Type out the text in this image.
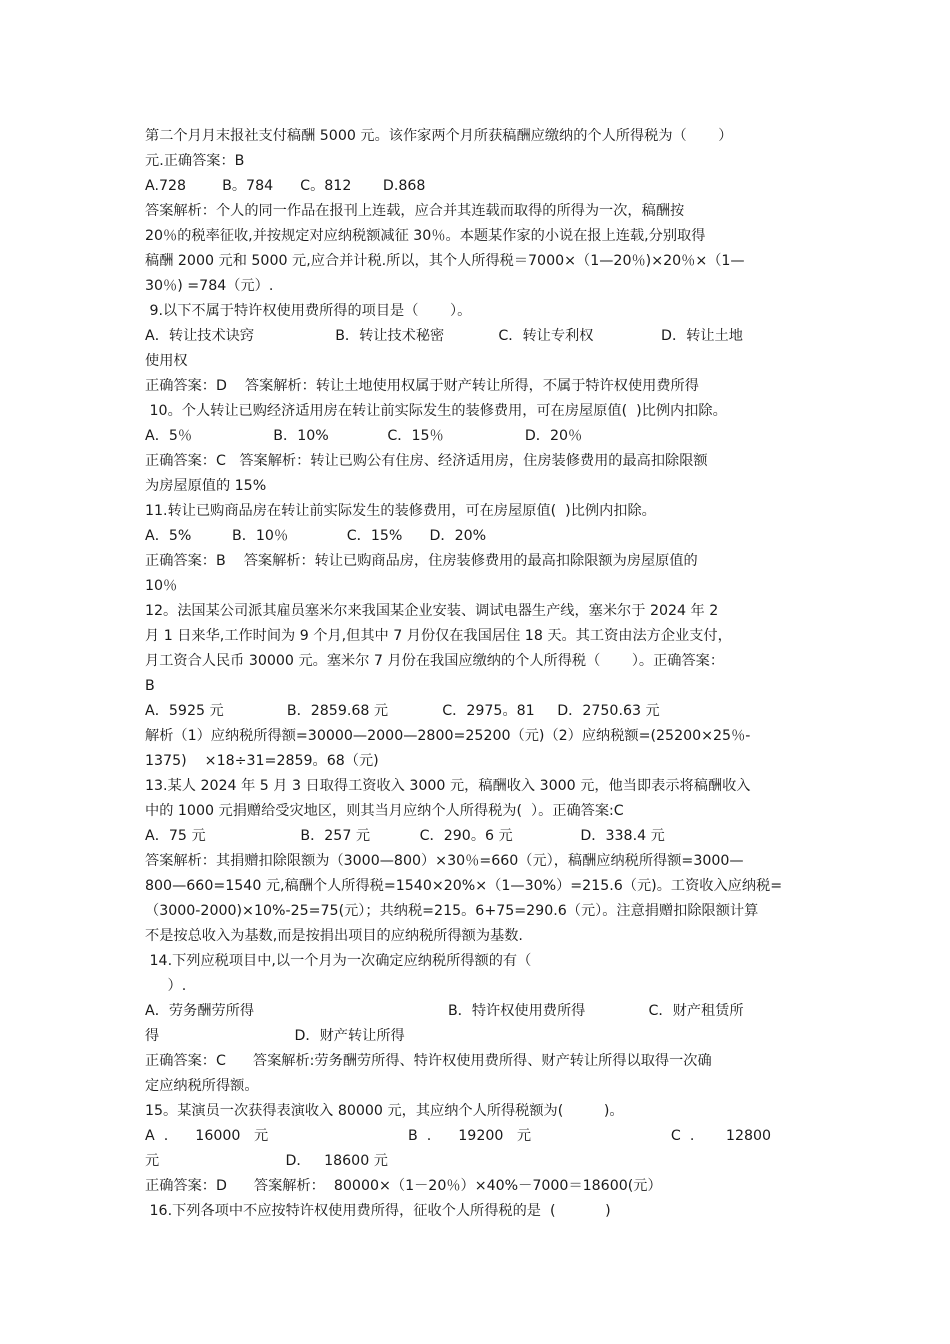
第二个月月末报社支付稿酬 5000 元。该作家两个月所获稿酬应缴纳的个人所得税为（       ）
元.正确答案：B
A.728        B。784      C。812       D.868
答案解析：个人的同一作品在报刊上连载，应合并其连载而取得的所得为一次，稿酬按
20％的税率征收,并按规定对应纳税额减征 30％。本题某作家的小说在报上连载,分别取得
稿酬 2000 元和 5000 元,应合并计税.所以，其个人所得税＝7000×（1—20％)×20％×（1—
30％) =784（元）.
9.以下不属于特许权使用费所得的项目是（       ）。
A．转让技术诀窍                  B．转让技术秘密            C．转让专利权               D．转让土地
使用权
正确答案：D    答案解析：转让土地使用权属于财产转让所得，不属于特许权使用费所得
10。个人转让已购经济适用房在转让前实际发生的装修费用，可在房屋原值(  )比例内扣除。
A．5％                  B．10%             C．15％                  D．20％
正确答案：C   答案解析：转让已购公有住房、经济适用房，住房装修费用的最高扣除限额
为房屋原值的 15%
11.转让已购商品房在转让前实际发生的装修费用，可在房屋原值(  )比例内扣除。
A．5%         B．10％             C．15%      D．20%
正确答案：B    答案解析：转让已购商品房，住房装修费用的最高扣除限额为房屋原值的
10％
12。法国某公司派其雇员塞米尔来我国某企业安装、调试电器生产线，塞米尔于 2024 年 2
月 1 日来华,工作时间为 9 个月,但其中 7 月份仅在我国居住 18 天。其工资由法方企业支付，
月工资合人民币 30000 元。塞米尔 7 月份在我国应缴纳的个人所得税（       ）。正确答案：
B
A．5925 元              B．2859.68 元            C．2975。81     D．2750.63 元
解析（1）应纳税所得额=30000—2000—2800=25200（元)（2）应纳税额=(25200×25％-
1375)    ×18÷31=2859。68（元)
13.某人 2024 年 5 月 3 日取得工资收入 3000 元，稿酬收入 3000 元，他当即表示将稿酬收入
中的 1000 元捐赠给受灾地区，则其当月应纳个人所得税为(  ）。正确答案:C
A．75 元                     B．257 元           C．290。6 元               D．338.4 元
答案解析：其捐赠扣除限额为（3000—800）×30％=660（元），稿酬应纳税所得额=3000—
800—660=1540 元,稿酬个人所得税=1540×20%×（1—30%）=215.6（元)。工资收入应纳税=
（3000-2000)×10%-25=75(元）；共纳税=215。6+75=290.6（元）。注意捐赠扣除限额计算
不是按总收入为基数,而是按捐出项目的应纳税所得额为基数.
14.下列应税项目中,以一个月为一次确定应纳税所得额的有（
）.
A．劳务酬劳所得                                           B．特许权使用费所得              C．财产租赁所
得                              D．财产转让所得
正确答案：C      答案解析:劳务酬劳所得、特许权使用费所得、财产转让所得以取得一次确
定应纳税所得额。
15。某演员一次获得表演收入 80000 元，其应纳个人所得税额为(         )。
A  .      16000   元                               B  .      19200   元                               C  .       12800
元                            D．   18600 元
正确答案：D      答案解析：  80000×（1－20％）×40%－7000＝18600(元）
16.下列各项中不应按特许权使用费所得，征收个人所得税的是  (           )
